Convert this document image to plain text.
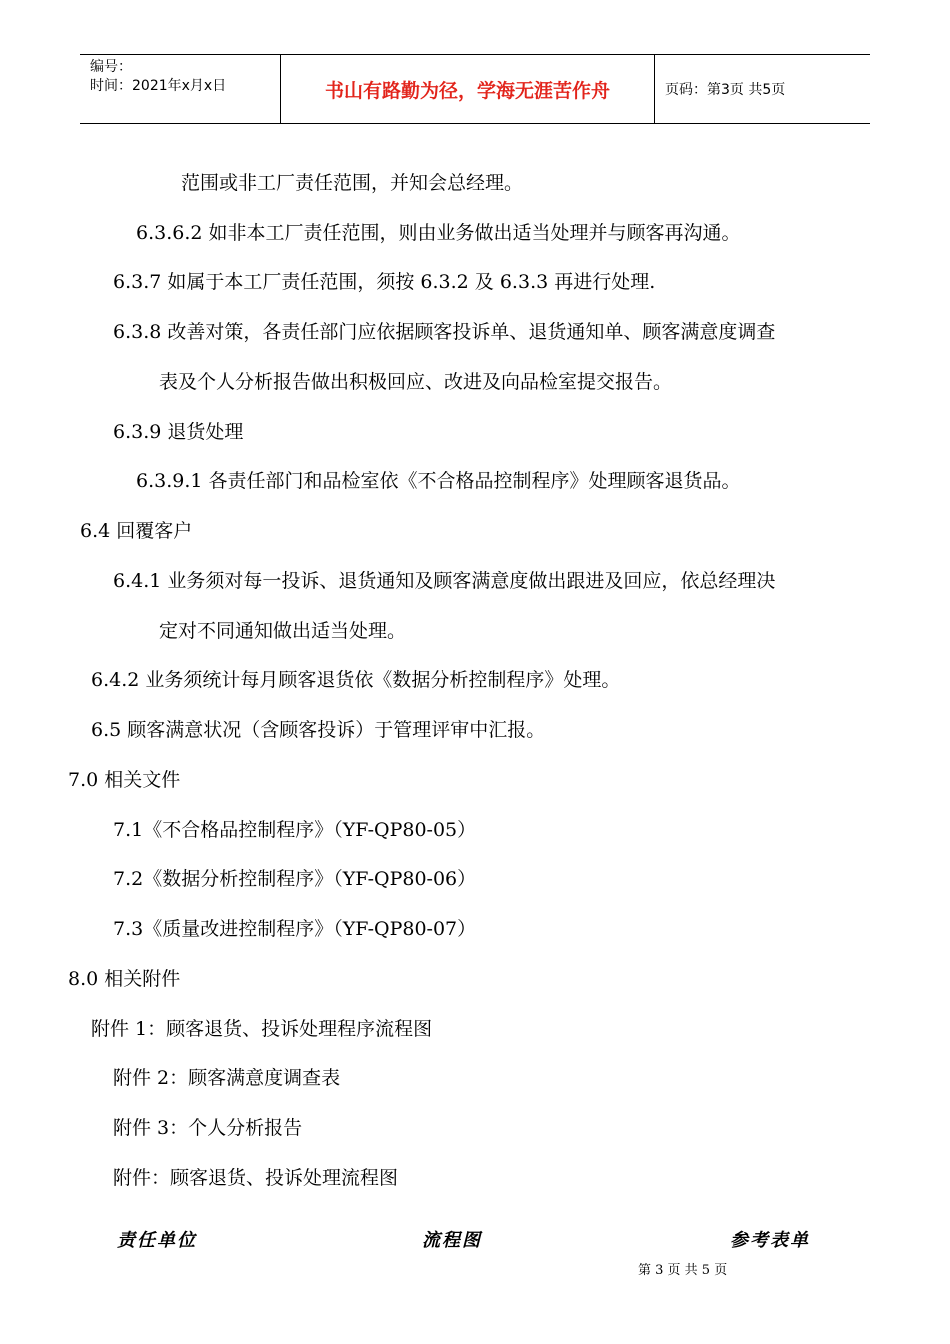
编号：
时间：2021年x月x日	书山有路勤为径，学海无涯苦作舟	页码：第3页 共5页
范围或非工厂责任范围，并知会总经理。
6.3.6.2 如非本工厂责任范围，则由业务做出适当处理并与顾客再沟通。
6.3.7 如属于本工厂责任范围，须按 6.3.2 及 6.3.3 再进行处理.
6.3.8 改善对策，各责任部门应依据顾客投诉单、退货通知单、顾客满意度调查
表及个人分析报告做出积极回应、改进及向品检室提交报告。
6.3.9 退货处理
6.3.9.1 各责任部门和品检室依《不合格品控制程序》处理顾客退货品。
6.4 回覆客户
6.4.1 业务须对每一投诉、退货通知及顾客满意度做出跟进及回应，依总经理决
定对不同通知做出适当处理。
6.4.2 业务须统计每月顾客退货依《数据分析控制程序》处理。
6.5 顾客满意状况（含顾客投诉）于管理评审中汇报。
7.0 相关文件
7.1《不合格品控制程序》（YF-QP80-05）
7.2《数据分析控制程序》（YF-QP80-06）
7.3《质量改进控制程序》（YF-QP80-07）
8.0 相关附件
附件 1：顾客退货、投诉处理程序流程图
附件 2：顾客满意度调查表
附件 3：个人分析报告
附件：顾客退货、投诉处理流程图
责任单位	流程图	参考表单
第 3 页 共 5 页
